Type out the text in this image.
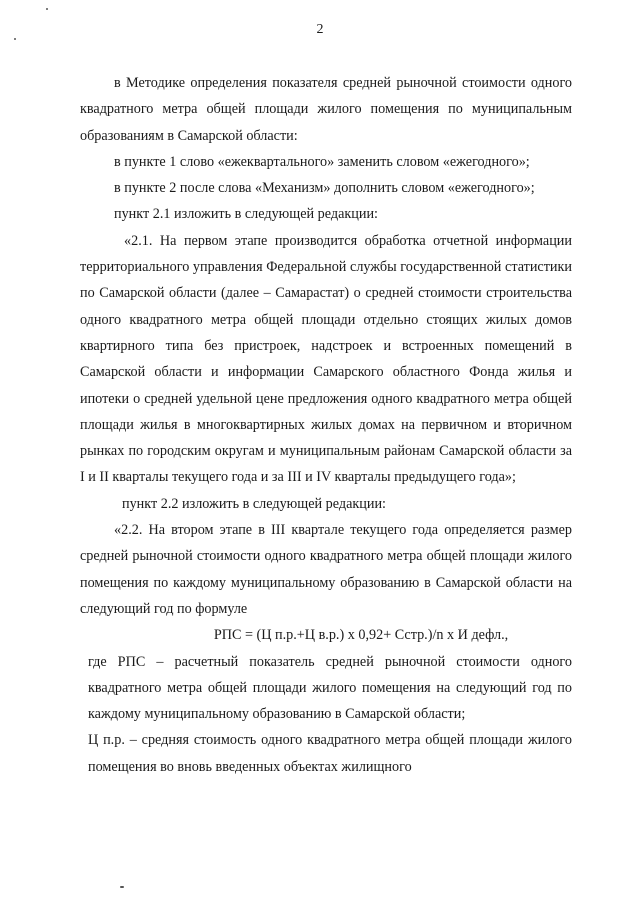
2

в Методике определения показателя средней рыночной стоимости одного квадратного метра общей площади жилого помещения по муниципальным образованиям в Самарской области:

в пункте 1 слово «ежеквартального» заменить словом «ежегодного»;

в пункте 2 после слова «Механизм» дополнить словом «ежегодного»;

пункт 2.1 изложить в следующей редакции:

«2.1. На первом этапе производится обработка отчетной информации территориального управления Федеральной службы государственной статистики по Самарской области (далее – Самарастат) о средней стоимости строительства одного квадратного метра общей площади отдельно стоящих жилых домов квартирного типа без пристроек, надстроек и встроенных помещений в Самарской области и информации Самарского областного Фонда жилья и ипотеки о средней удельной цене предложения одного квадратного метра общей площади жилья в многоквартирных жилых домах на первичном и вторичном рынках по городским округам и муниципальным районам Самарской области за I и II кварталы текущего года и за III и IV кварталы предыдущего года»;

пункт 2.2 изложить в следующей редакции:

«2.2. На втором этапе в III квартале текущего года определяется размер средней рыночной стоимости одного квадратного метра общей площади жилого помещения по каждому муниципальному образованию в Самарской области на следующий год по формуле

РПС = (Ц п.р.+Ц в.р.) х 0,92+ Сстр.)/n х И дефл.,

где РПС – расчетный показатель средней рыночной стоимости одного квадратного метра общей площади жилого помещения на следующий год по каждому муниципальному образованию в Самарской области;

Ц п.р. – средняя стоимость одного квадратного метра общей площади жилого помещения во вновь введенных объектах жилищного
